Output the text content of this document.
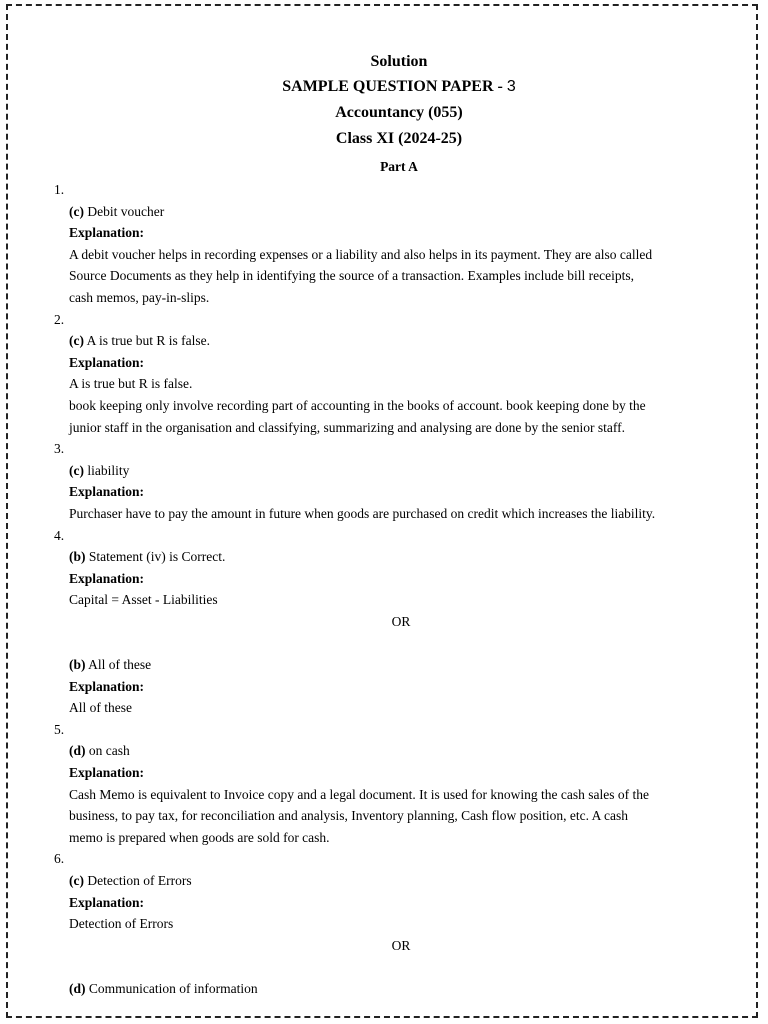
Solution
SAMPLE QUESTION PAPER - 3
Accountancy (055)
Class XI (2024-25)
Part A
1.
(c) Debit voucher
Explanation:
A debit voucher helps in recording expenses or a liability and also helps in its payment. They are also called
Source Documents as they help in identifying the source of a transaction. Examples include bill receipts,
cash memos, pay-in-slips.
2.
(c) A is true but R is false.
Explanation:
A is true but R is false.
book keeping only involve recording part of accounting in the books of account. book keeping done by the
junior staff in the organisation and classifying, summarizing and analysing are done by the senior staff.
3.
(c) liability
Explanation:
Purchaser have to pay the amount in future when goods are purchased on credit which increases the liability.
4.
(b) Statement (iv) is Correct.
Explanation:
Capital = Asset - Liabilities
OR
(b) All of these
Explanation:
All of these
5.
(d) on cash
Explanation:
Cash Memo is equivalent to Invoice copy and a legal document. It is used for knowing the cash sales of the
business, to pay tax, for reconciliation and analysis, Inventory planning, Cash flow position, etc. A cash
memo is prepared when goods are sold for cash.
6.
(c) Detection of Errors
Explanation:
Detection of Errors
OR
(d) Communication of information
